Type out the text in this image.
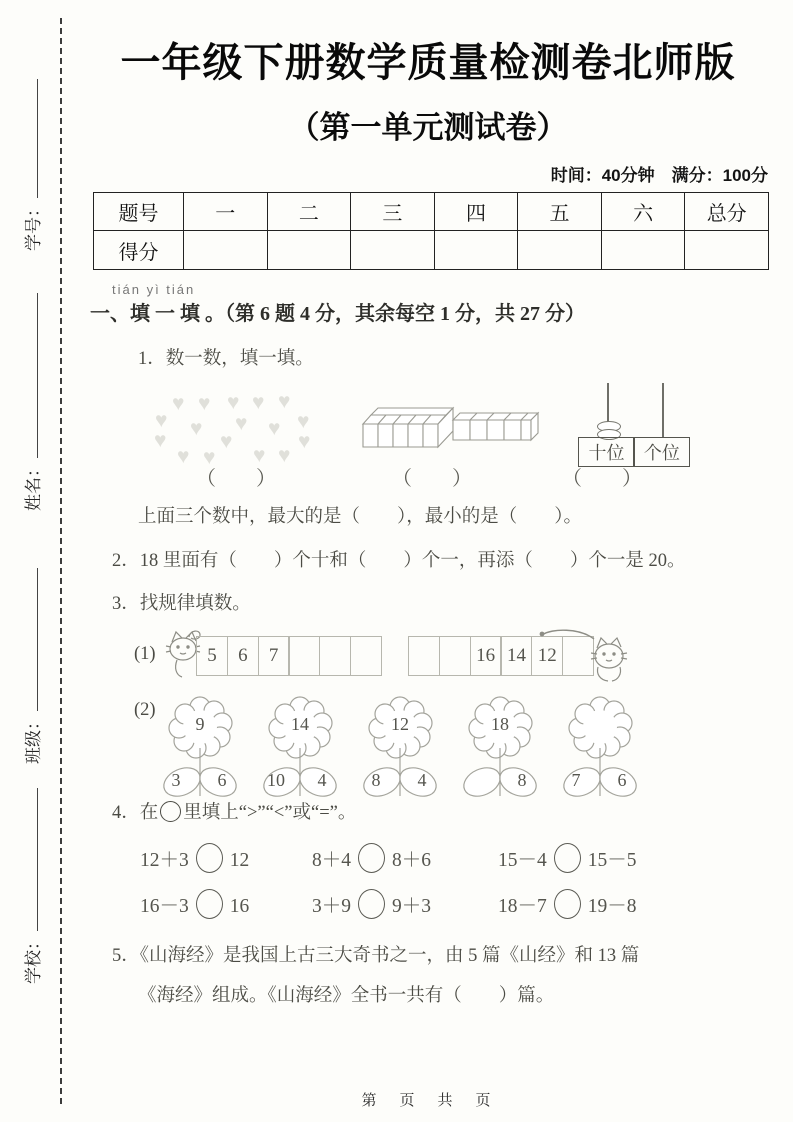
学号：
姓名：
班级：
学校：
一年级下册数学质量检测卷北师版
（第一单元测试卷）
时间：40分钟　满分：100分
题号	一	二	三	四	五	六	总分
得分							
tián yì tián
一、填 一 填 。（第 6 题 4 分，其余每空 1 分，共 27 分）
1．数一数，填一填。
♥
♥
♥
♥
♥
♥
♥
♥
♥
♥
♥
♥
♥
♥
♥
♥
♥
十位	个位
（　　）	（　　）	（　　）
上面三个数中，最大的是（　　），最小的是（　　）。
2．18 里面有（　　）个十和（　　）个一，再添（　　）个一是 20。
3．找规律填数。
(1)	5	6	7	16 14 12
(2)
9
3	6
14
10	4
12
8	4
18
8	7	6
4．在 里填上“>”“<”或“=”。
12＋3 12	8＋4 8＋6	15－4 15－5
16－3 16	3＋9 9＋3	18－7 19－8
5．《山海经》是我国上古三大奇书之一，由 5 篇《山经》和 13 篇
《海经》组成。《山海经》全书一共有（　　）篇。
第　页　共　页
